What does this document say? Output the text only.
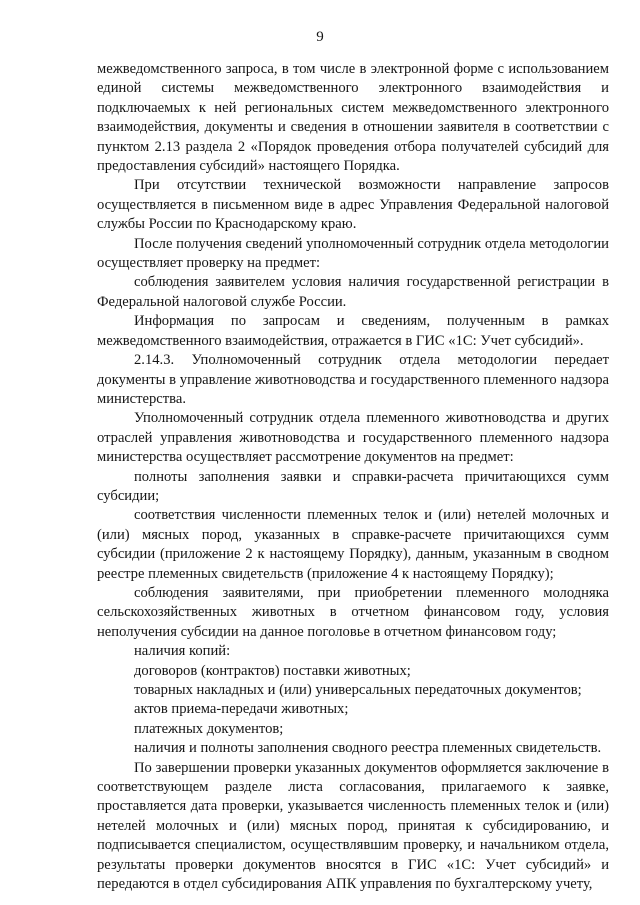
9

межведомственного запроса, в том числе в электронной форме с использованием единой системы межведомственного электронного взаимодействия и подключаемых к ней региональных систем межведомственного электронного взаимодействия, документы и сведения в отношении заявителя в соответствии с пунктом 2.13 раздела 2 «Порядок проведения отбора получателей субсидий для предоставления субсидий» настоящего Порядка.

При отсутствии технической возможности направление запросов осуществляется в письменном виде в адрес Управления Федеральной налоговой службы России по Краснодарскому краю.

После получения сведений уполномоченный сотрудник отдела методологии осуществляет проверку на предмет:

соблюдения заявителем условия наличия государственной регистрации в Федеральной налоговой службе России.

Информация по запросам и сведениям, полученным в рамках межведомственного взаимодействия, отражается в ГИС «1С: Учет субсидий».

2.14.3. Уполномоченный сотрудник отдела методологии передает документы в управление животноводства и государственного племенного надзора министерства.

Уполномоченный сотрудник отдела племенного животноводства и других отраслей управления животноводства и государственного племенного надзора министерства осуществляет рассмотрение документов на предмет:

полноты заполнения заявки и справки-расчета причитающихся сумм субсидии;

соответствия численности племенных телок и (или) нетелей молочных и (или) мясных пород, указанных в справке-расчете причитающихся сумм субсидии (приложение 2 к настоящему Порядку), данным, указанным в сводном реестре племенных свидетельств (приложение 4 к настоящему Порядку);

соблюдения заявителями, при приобретении племенного молодняка сельскохозяйственных животных в отчетном финансовом году, условия неполучения субсидии на данное поголовье в отчетном финансовом году;

наличия копий:

договоров (контрактов) поставки животных;

товарных накладных и (или) универсальных передаточных документов;

актов приема-передачи животных;

платежных документов;

наличия и полноты заполнения сводного реестра племенных свидетельств.

По завершении проверки указанных документов оформляется заключение в соответствующем разделе листа согласования, прилагаемого к заявке, проставляется дата проверки, указывается численность племенных телок и (или) нетелей молочных и (или) мясных пород, принятая к субсидированию, и подписывается специалистом, осуществлявшим проверку, и начальником отдела, результаты проверки документов вносятся в ГИС «1С: Учет субсидий» и передаются в отдел субсидирования АПК управления по бухгалтерскому учету,
